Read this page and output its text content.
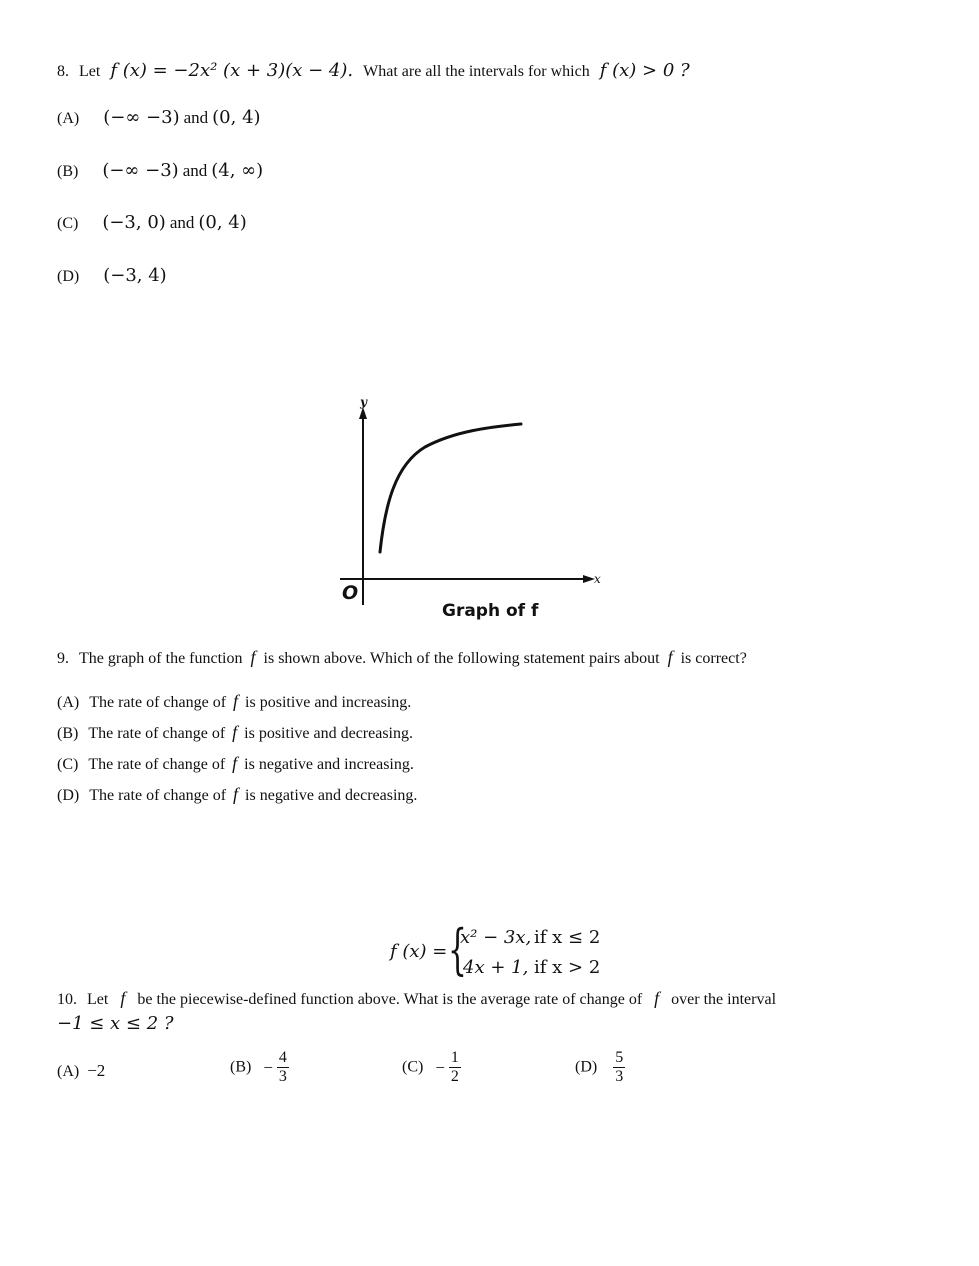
8. Let f (x) = −2x² (x + 3)(x − 4). What are all the intervals for which f (x) > 0 ?
(A) (−∞ −3) and (0, 4)
(B) (−∞ −3) and (4, ∞)
(C) (−3, 0) and (0, 4)
(D) (−3, 4)
y
x
O
Graph of f
9. The graph of the function f is shown above. Which of the following statement pairs about f is correct?
(A) The rate of change of f is positive and increasing.
(B) The rate of change of f is positive and decreasing.
(C) The rate of change of f is negative and increasing.
(D) The rate of change of f is negative and decreasing.
f (x) = {
x² − 3x, if x ≤ 2
4x + 1, if x > 2
10. Let f be the piecewise-defined function above. What is the average rate of change of f over the interval
−1 ≤ x ≤ 2 ?
(A) −2	$(B) - \frac{4}{3}$	$(C) - \frac{1}{2}$	$(D) \frac{5}{3}$
